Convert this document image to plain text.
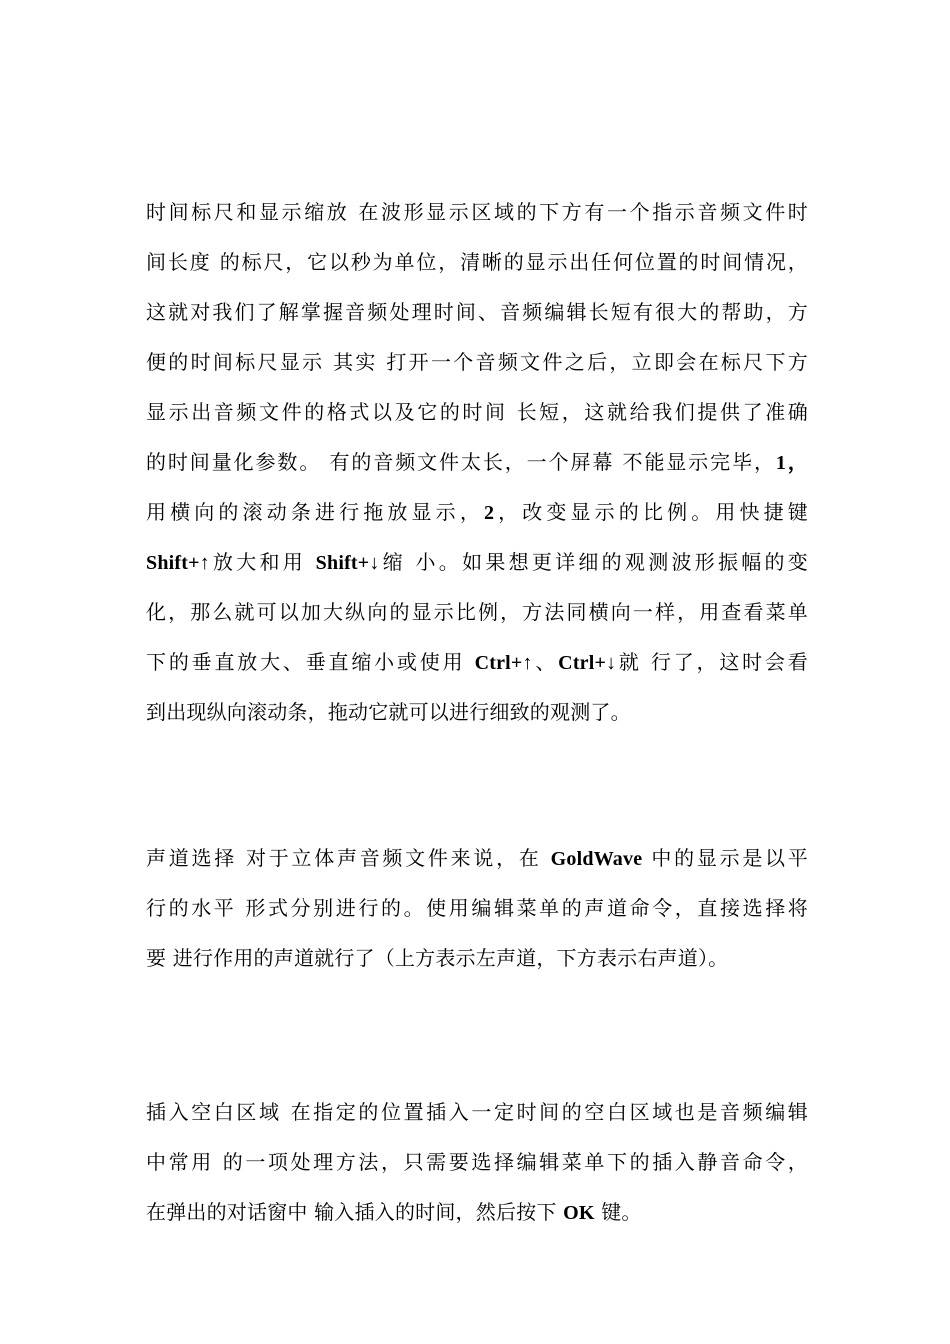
时间标尺和显示缩放 在波形显示区域的下方有一个指示音频文件时
间长度 的标尺，它以秒为单位，清晰的显示出任何位置的时间情况，
这就对我们了解掌握音频处理时间、音频编辑长短有很大的帮助，方
便的时间标尺显示 其实 打开一个音频文件之后，立即会在标尺下方
显示出音频文件的格式以及它的时间 长短，这就给我们提供了准确
的时间量化参数。 有的音频文件太长，一个屏幕 不能显示完毕，1，
用横向的滚动条进行拖放显示，2，改变显示的比例。用快捷键
Shift+↑放大和用 Shift+↓缩 小。如果想更详细的观测波形振幅的变
化，那么就可以加大纵向的显示比例，方法同横向一样，用查看菜单
下的垂直放大、垂直缩小或使用 Ctrl+↑、Ctrl+↓就 行了，这时会看
到出现纵向滚动条，拖动它就可以进行细致的观测了。
声道选择 对于立体声音频文件来说，在 GoldWave 中的显示是以平
行的水平 形式分别进行的。使用编辑菜单的声道命令，直接选择将
要 进行作用的声道就行了（上方表示左声道，下方表示右声道）。
插入空白区域 在指定的位置插入一定时间的空白区域也是音频编辑
中常用 的一项处理方法，只需要选择编辑菜单下的插入静音命令，
在弹出的对话窗中 输入插入的时间，然后按下 OK 键。
